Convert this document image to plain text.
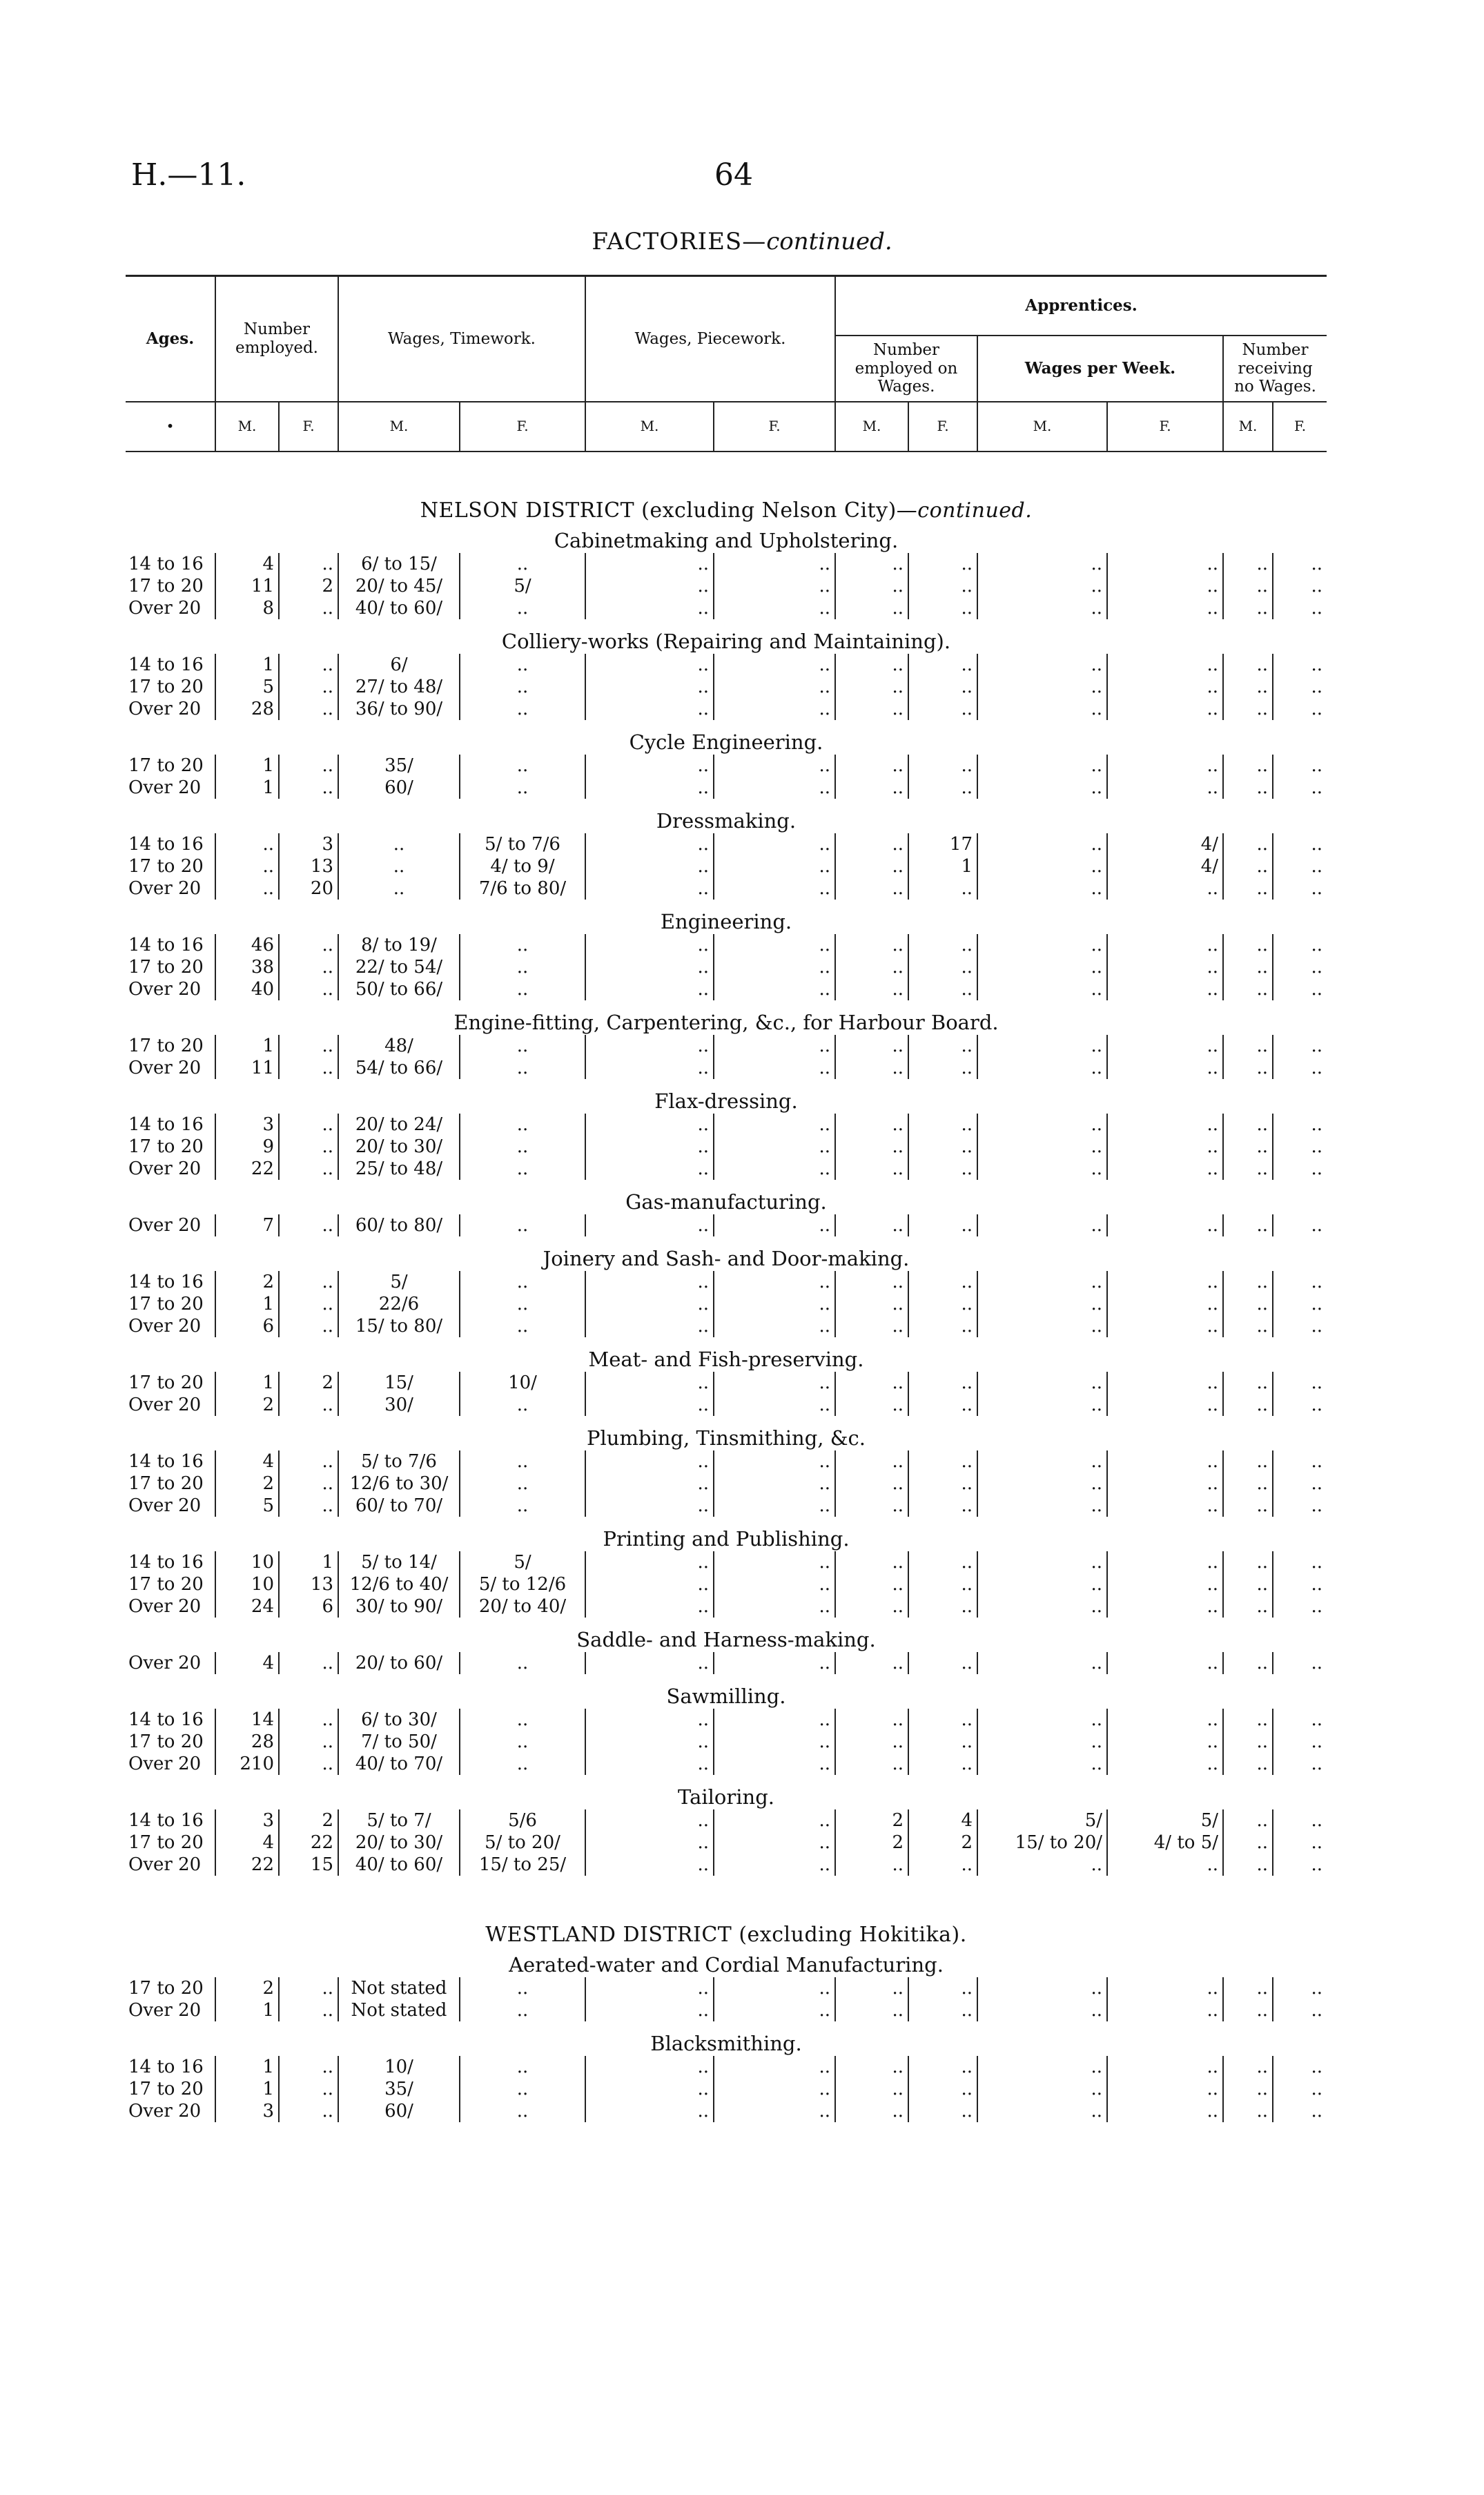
H.—11.	64
FACTORIES—continued.
Ages.	Number employed.		Wages, Timework.		Wages, Piecework.		Apprentices.					
							Number employed on Wages.		Wages per Week.		Number receiving no Wages.	

•	M.	F.	M.	F.	M.	F.	M.	F.	M.	F.	M.	F.
NELSON DISTRICT (excluding Nelson City)—continued.
Cabinetmaking and Upholstering.
14 to 16	4	..	6/ to 15/	..	..	..	..	..	..	..	..	..
17 to 20	11	2	20/ to 45/	5/	..	..	..	..	..	..	..	..
Over 20	8	..	40/ to 60/	..	..	..	..	..	..	..	..	..
Colliery-works (Repairing and Maintaining).
14 to 16	1	..	6/	..	..	..	..	..	..	..	..	..
17 to 20	5	..	27/ to 48/	..	..	..	..	..	..	..	..	..
Over 20	28	..	36/ to 90/	..	..	..	..	..	..	..	..	..
Cycle Engineering.
17 to 20	1	..	35/	..	..	..	..	..	..	..	..	..
Over 20	1	..	60/	..	..	..	..	..	..	..	..	..
Dressmaking.
14 to 16	..	3	..	5/ to 7/6	..	..	..	17	..	4/	..	..
17 to 20	..	13	..	4/ to 9/	..	..	..	1	..	4/	..	..
Over 20	..	20	..	7/6 to 80/	..	..	..	..	..	..	..	..
Engineering.
14 to 16	46	..	8/ to 19/	..	..	..	..	..	..	..	..	..
17 to 20	38	..	22/ to 54/	..	..	..	..	..	..	..	..	..
Over 20	40	..	50/ to 66/	..	..	..	..	..	..	..	..	..
Engine-fitting, Carpentering, &c., for Harbour Board.
17 to 20	1	..	48/	..	..	..	..	..	..	..	..	..
Over 20	11	..	54/ to 66/	..	..	..	..	..	..	..	..	..
Flax-dressing.
14 to 16	3	..	20/ to 24/	..	..	..	..	..	..	..	..	..
17 to 20	9	..	20/ to 30/	..	..	..	..	..	..	..	..	..
Over 20	22	..	25/ to 48/	..	..	..	..	..	..	..	..	..
Gas-manufacturing.
Over 20	7	..	60/ to 80/	..	..	..	..	..	..	..	..	..
Joinery and Sash- and Door-making.
14 to 16	2	..	5/	..	..	..	..	..	..	..	..	..
17 to 20	1	..	22/6	..	..	..	..	..	..	..	..	..
Over 20	6	..	15/ to 80/	..	..	..	..	..	..	..	..	..
Meat- and Fish-preserving.
17 to 20	1	2	15/	10/	..	..	..	..	..	..	..	..
Over 20	2	..	30/	..	..	..	..	..	..	..	..	..
Plumbing, Tinsmithing, &c.
14 to 16	4	..	5/ to 7/6	..	..	..	..	..	..	..	..	..
17 to 20	2	..	12/6 to 30/	..	..	..	..	..	..	..	..	..
Over 20	5	..	60/ to 70/	..	..	..	..	..	..	..	..	..
Printing and Publishing.
14 to 16	10	1	5/ to 14/	5/	..	..	..	..	..	..	..	..
17 to 20	10	13	12/6 to 40/	5/ to 12/6	..	..	..	..	..	..	..	..
Over 20	24	6	30/ to 90/	20/ to 40/	..	..	..	..	..	..	..	..
Saddle- and Harness-making.
Over 20	4	..	20/ to 60/	..	..	..	..	..	..	..	..	..
Sawmilling.
14 to 16	14	..	6/ to 30/	..	..	..	..	..	..	..	..	..
17 to 20	28	..	7/ to 50/	..	..	..	..	..	..	..	..	..
Over 20	210	..	40/ to 70/	..	..	..	..	..	..	..	..	..
Tailoring.
14 to 16	3	2	5/ to 7/	5/6	..	..	2	4	5/	5/	..	..
17 to 20	4	22	20/ to 30/	5/ to 20/	..	..	2	2	15/ to 20/	4/ to 5/	..	..
Over 20	22	15	40/ to 60/	15/ to 25/	..	..	..	..	..	..	..	..
WESTLAND DISTRICT (excluding Hokitika).
Aerated-water and Cordial Manufacturing.
17 to 20	2	..	Not stated	..	..	..	..	..	..	..	..	..
Over 20	1	..	Not stated	..	..	..	..	..	..	..	..	..
Blacksmithing.
14 to 16	1	..	10/	..	..	..	..	..	..	..	..	..
17 to 20	1	..	35/	..	..	..	..	..	..	..	..	..
Over 20	3	..	60/	..	..	..	..	..	..	..	..	..
